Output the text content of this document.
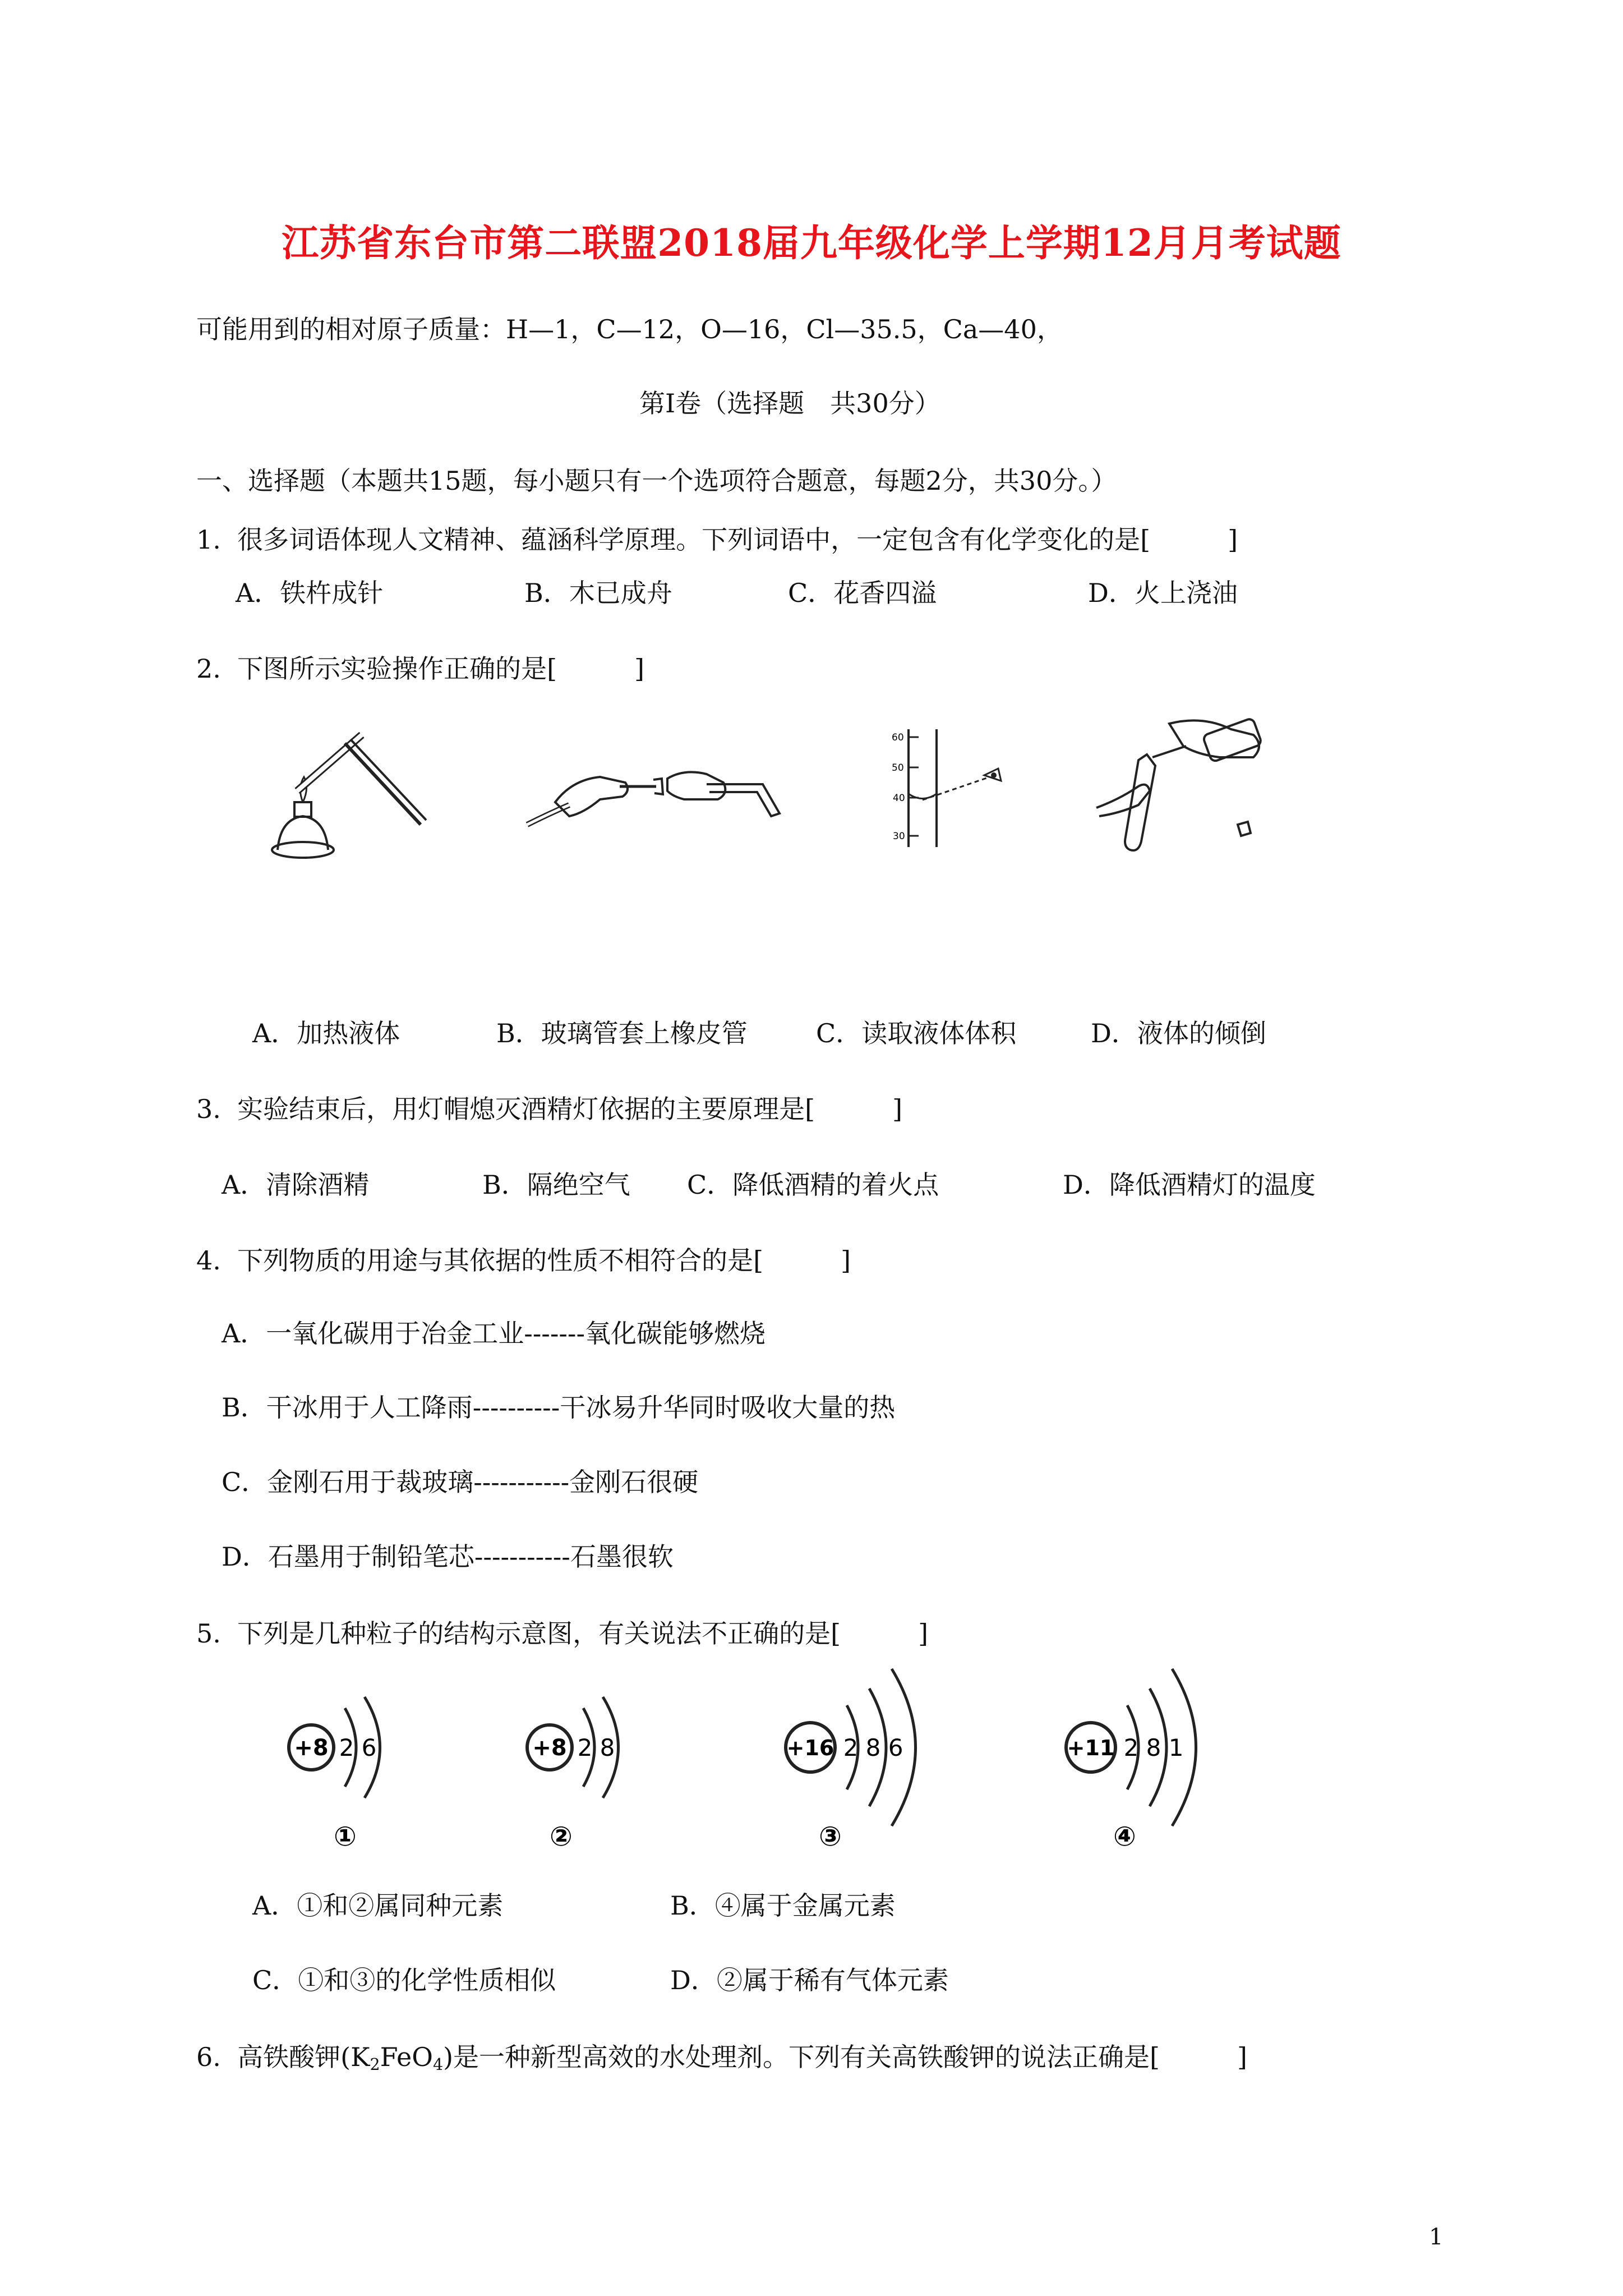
江苏省东台市第二联盟2018届九年级化学上学期12月月考试题
可能用到的相对原子质量：H—1，C—12，O—16，Cl—35.5，Ca—40，
第Ⅰ卷（选择题　共30分）
一、选择题（本题共15题，每小题只有一个选项符合题意，每题2分，共30分。）
1.  很多词语体现人文精神、蕴涵科学原理。下列词语中，一定包含有化学变化的是[　　　]
A．铁杵成针	B．木已成舟	C．花香四溢	D．火上浇油
2.  下图所示实验操作正确的是[　　　]
60
50
40
30
A．加热液体	B．玻璃管套上橡皮管	C．读取液体体积	D．液体的倾倒
3.  实验结束后，用灯帽熄灭酒精灯依据的主要原理是[　　　]
A．清除酒精	B．隔绝空气 C．降低酒精的着火点	D．降低酒精灯的温度
4.  下列物质的用途与其依据的性质不相符合的是[　　　]
A．一氧化碳用于冶金工业-------氧化碳能够燃烧
B．干冰用于人工降雨----------干冰易升华同时吸收大量的热
C．金刚石用于裁玻璃-----------金刚石很硬
D．石墨用于制铅笔芯-----------石墨很软
5.  下列是几种粒子的结构示意图，有关说法不正确的是[　　　]
+8 2 6
①
+8 2 8
②
+16 2 8 6
③
+11 2 8 1
④
A．①和②属同种元素	B．④属于金属元素
C．①和③的化学性质相似	D．②属于稀有气体元素
6.  高铁酸钾$(K_2FeO_4)$是一种新型高效的水处理剂。下列有关高铁酸钾的说法正确是[　　　]
1
